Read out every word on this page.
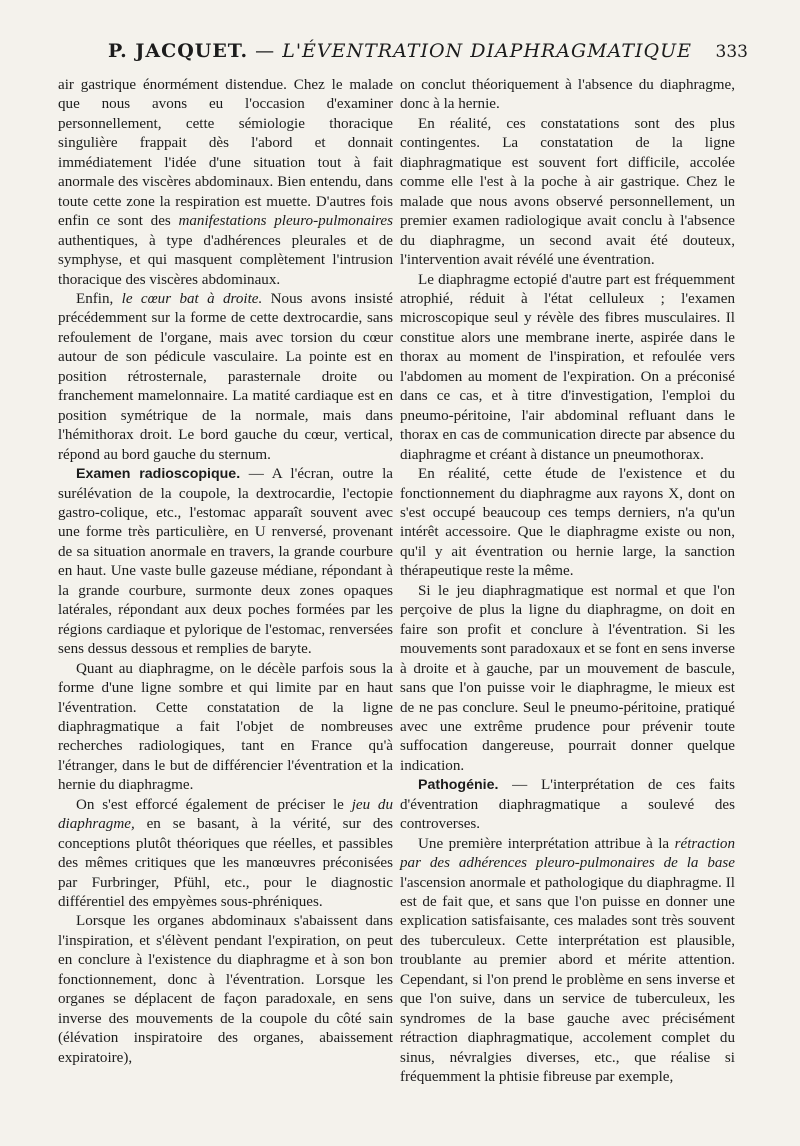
P. JACQUET. — L'ÉVENTRATION DIAPHRAGMATIQUE	333

air gastrique énormément distendue. Chez le malade que nous avons eu l'occasion d'examiner personnellement, cette sémiologie thoracique singulière frappait dès l'abord et donnait immédiatement l'idée d'une situation tout à fait anormale des viscères abdominaux. Bien entendu, dans toute cette zone la respiration est muette. D'autres fois enfin ce sont des manifestations pleuro-pulmonaires authentiques, à type d'adhérences pleurales et de symphyse, et qui masquent complètement l'intrusion thoracique des viscères abdominaux.

Enfin, le cœur bat à droite. Nous avons insisté précédemment sur la forme de cette dextrocardie, sans refoulement de l'organe, mais avec torsion du cœur autour de son pédicule vasculaire. La pointe est en position rétrosternale, parasternale droite ou franchement mamelonnaire. La matité cardiaque est en position symétrique de la normale, mais dans l'hémithorax droit. Le bord gauche du cœur, vertical, répond au bord gauche du sternum.

Examen radioscopique. — A l'écran, outre la surélévation de la coupole, la dextrocardie, l'ectopie gastro-colique, etc., l'estomac apparaît souvent avec une forme très particulière, en U renversé, provenant de sa situation anormale en travers, la grande courbure en haut. Une vaste bulle gazeuse médiane, répondant à la grande courbure, surmonte deux zones opaques latérales, répondant aux deux poches formées par les régions cardiaque et pylorique de l'estomac, renversées sens dessus dessous et remplies de baryte.

Quant au diaphragme, on le décèle parfois sous la forme d'une ligne sombre et qui limite par en haut l'éventration. Cette constatation de la ligne diaphragmatique a fait l'objet de nombreuses recherches radiologiques, tant en France qu'à l'étranger, dans le but de différencier l'éventration et la hernie du diaphragme.

On s'est efforcé également de préciser le jeu du diaphragme, en se basant, à la vérité, sur des conceptions plutôt théoriques que réelles, et passibles des mêmes critiques que les manœuvres préconisées par Furbringer, Pfühl, etc., pour le diagnostic différentiel des empyèmes sous-phréniques.

Lorsque les organes abdominaux s'abaissent dans l'inspiration, et s'élèvent pendant l'expiration, on peut en conclure à l'existence du diaphragme et à son bon fonctionnement, donc à l'éventration. Lorsque les organes se déplacent de façon paradoxale, en sens inverse des mouvements de la coupole du côté sain (élévation inspiratoire des organes, abaissement expiratoire),

on conclut théoriquement à l'absence du diaphragme, donc à la hernie.

En réalité, ces constatations sont des plus contingentes. La constatation de la ligne diaphragmatique est souvent fort difficile, accolée comme elle l'est à la poche à air gastrique. Chez le malade que nous avons observé personnellement, un premier examen radiologique avait conclu à l'absence du diaphragme, un second avait été douteux, l'intervention avait révélé une éventration.

Le diaphragme ectopié d'autre part est fréquemment atrophié, réduit à l'état celluleux ; l'examen microscopique seul y révèle des fibres musculaires. Il constitue alors une membrane inerte, aspirée dans le thorax au moment de l'inspiration, et refoulée vers l'abdomen au moment de l'expiration. On a préconisé dans ce cas, et à titre d'investigation, l'emploi du pneumo-péritoine, l'air abdominal refluant dans le thorax en cas de communication directe par absence du diaphragme et créant à distance un pneumothorax.

En réalité, cette étude de l'existence et du fonctionnement du diaphragme aux rayons X, dont on s'est occupé beaucoup ces temps derniers, n'a qu'un intérêt accessoire. Que le diaphragme existe ou non, qu'il y ait éventration ou hernie large, la sanction thérapeutique reste la même.

Si le jeu diaphragmatique est normal et que l'on perçoive de plus la ligne du diaphragme, on doit en faire son profit et conclure à l'éventration. Si les mouvements sont paradoxaux et se font en sens inverse à droite et à gauche, par un mouvement de bascule, sans que l'on puisse voir le diaphragme, le mieux est de ne pas conclure. Seul le pneumo-péritoine, pratiqué avec une extrême prudence pour prévenir toute suffocation dangereuse, pourrait donner quelque indication.

Pathogénie. — L'interprétation de ces faits d'éventration diaphragmatique a soulevé des controverses.

Une première interprétation attribue à la rétraction par des adhérences pleuro-pulmonaires de la base l'ascension anormale et pathologique du diaphragme. Il est de fait que, et sans que l'on puisse en donner une explication satisfaisante, ces malades sont très souvent des tuberculeux. Cette interprétation est plausible, troublante au premier abord et mérite attention. Cependant, si l'on prend le problème en sens inverse et que l'on suive, dans un service de tuberculeux, les syndromes de la base gauche avec précisément rétraction diaphragmatique, accolement complet du sinus, névralgies diverses, etc., que réalise si fréquemment la phtisie fibreuse par exemple,
